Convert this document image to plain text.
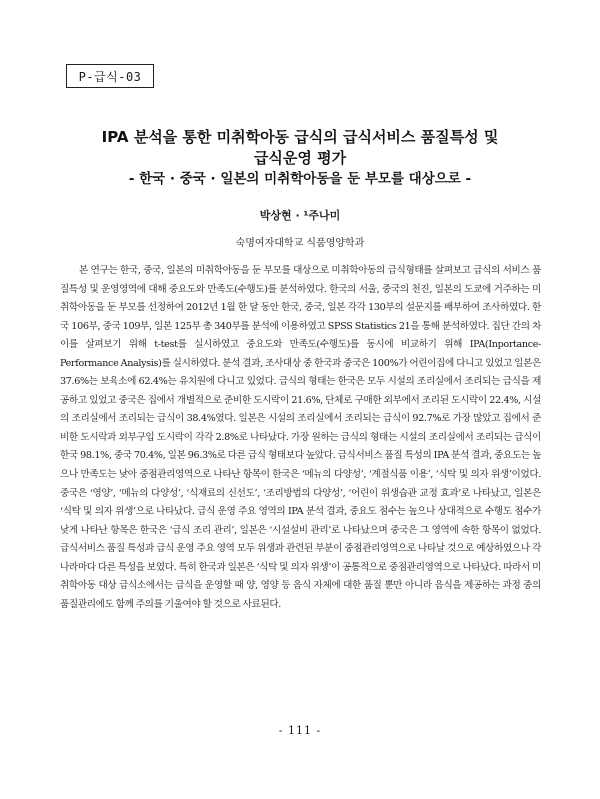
P-급식-03
IPA 분석을 통한 미취학아동 급식의 급식서비스 품질특성 및
급식운영 평가
- 한국 · 중국 · 일본의 미취학아동을 둔 부모를 대상으로 -
박상현 · ¹주나미
숙명여자대학교 식품영양학과

본 연구는 한국, 중국, 일본의 미취학아동을 둔 부모를 대상으로 미취학아동의 급식형태를 살펴보고 급식의 서비스 품질특성 및 운영영역에 대해 중요도와 만족도(수행도)를 분석하였다. 한국의 서울, 중국의 천진, 일본의 도쿄에 거주하는 미취학아동을 둔 부모를 선정하여 2012년 1월 한 달 동안 한국, 중국, 일본 각각 130부의 설문지를 배부하여 조사하였다. 한국 106부, 중국 109부, 일본 125부 총 340부를 분석에 이용하였고 SPSS Statistics 21을 통해 분석하였다. 집단 간의 차이를 살펴보기 위해 t-test를 실시하였고 중요도와 만족도(수행도)를 동시에 비교하기 위해 IPA(Inportance-Performance Analysis)를 실시하였다. 분석 결과, 조사대상 중 한국과 중국은 100%가 어린이집에 다니고 있었고 일본은 37.6%는 보육소에 62.4%는 유치원에 다니고 있었다. 급식의 형태는 한국은 모두 시설의 조리실에서 조리되는 급식을 제공하고 있었고 중국은 집에서 개별적으로 준비한 도시락이 21.6%, 단체로 구매한 외부에서 조리된 도시락이 22.4%, 시설의 조리실에서 조리되는 급식이 38.4%였다. 일본은 시설의 조리실에서 조리되는 급식이 92.7%로 가장 많았고 집에서 준비한 도시락과 외부구입 도시락이 각각 2.8%로 나타났다. 가장 원하는 급식의 형태는 시설의 조리실에서 조리되는 급식이 한국 98.1%, 중국 70.4%, 일본 96.3%로 다른 급식 형태보다 높았다. 급식서비스 품질 특성의 IPA 분석 결과, 중요도는 높으나 만족도는 낮아 중점관리영역으로 나타난 항목이 한국은 ‘메뉴의 다양성’, ‘계절식품 이용’, ‘식탁 및 의자 위생’이었다. 중국은 ‘영양’, ‘메뉴의 다양성’, ‘식재료의 신선도’, ‘조리방법의 다양성’, ‘어린이 위생습관 교정 효과’로 나타났고, 일본은 ‘식탁 및 의자 위생’으로 나타났다. 급식 운영 주요 영역의 IPA 분석 결과, 중요도 점수는 높으나 상대적으로 수행도 점수가 낮게 나타난 항목은 한국은 ‘급식 조리 관리’, 일본은 ‘시설설비 관리’로 나타났으며 중국은 그 영역에 속한 항목이 없었다. 급식서비스 품질 특성과 급식 운영 주요 영역 모두 위생과 관련된 부분이 중점관리영역으로 나타날 것으로 예상하였으나 각 나라마다 다른 특성을 보였다. 특히 한국과 일본은 ‘식탁 및 의자 위생’이 공통적으로 중점관리영역으로 나타났다. 따라서 미취학아동 대상 급식소에서는 급식을 운영할 때 양, 영양 등 음식 자체에 대한 품질 뿐만 아니라 음식을 제공하는 과정 중의 품질관리에도 함께 주의를 기울여야 할 것으로 사료된다.

- 111 -
